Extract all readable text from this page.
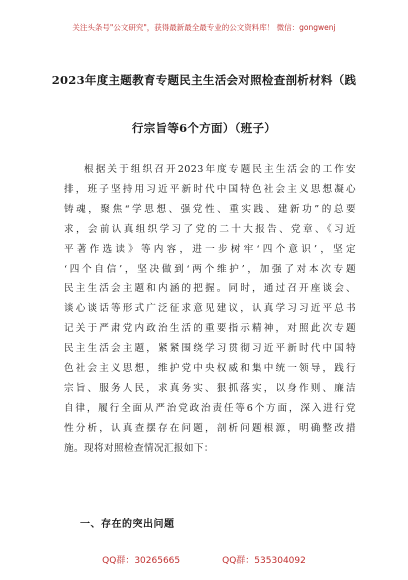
关注头条号"公文研究"，获得最新最全最专业的公文资料库！ 微信：gongwenj
2023年度主题教育专题民主生活会对照检查剖析材料（践
行宗旨等6个方面）（班子）
根据关于组织召开2023年度专题民主生活会的工作安
排，班子坚持用习近平新时代中国特色社会主义思想凝心
铸魂，聚焦“学思想、强党性、重实践、建新功”的总要
求，会前认真组织学习了党的二十大报告、党章、《习近
平著作选读》等内容，进一步树牢‘四个意识’，坚定
‘四个自信’，坚决做到‘两个维护’，加强了对本次专题
民主生活会主题和内涵的把握。同时，通过召开座谈会、
谈心谈话等形式广泛征求意见建议，认真学习习近平总书
记关于严肃党内政治生活的重要指示精神，对照此次专题
民主生活会主题，紧紧围绕学习贯彻习近平新时代中国特
色社会主义思想，维护党中央权威和集中统一领导，践行
宗旨、服务人民，求真务实、狠抓落实，以身作则、廉洁
自律，履行全面从严治党政治责任等6个方面，深入进行党
性分析，认真查摆存在问题，剖析问题根源，明确整改措
施。现将对照检查情况汇报如下：
一、存在的突出问题
QQ群：30265665	QQ群：535304092
